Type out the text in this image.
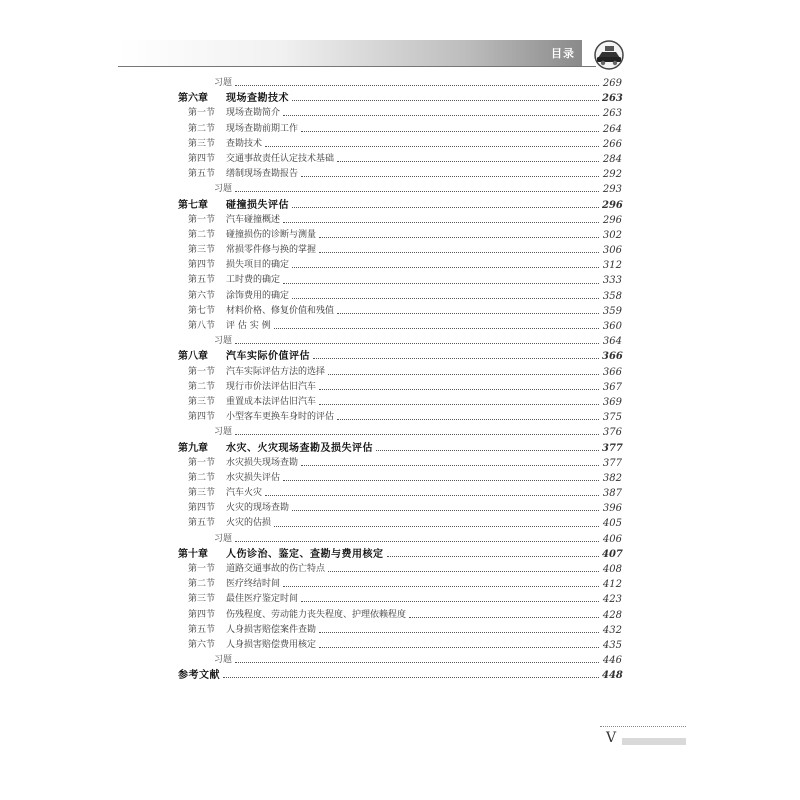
目录
习题	269
第六章	现场查勘技术	263
第一节	现场查勘简介	263
第二节	现场查勘前期工作	264
第三节	查勘技术	266
第四节	交通事故责任认定技术基础	284
第五节	缮制现场查勘报告	292
习题	293
第七章	碰撞损失评估	296
第一节	汽车碰撞概述	296
第二节	碰撞损伤的诊断与测量	302
第三节	常损零件修与换的掌握	306
第四节	损失项目的确定	312
第五节	工时费的确定	333
第六节	涂饰费用的确定	358
第七节	材料价格、修复价值和残值	359
第八节	评 估 实 例	360
习题	364
第八章	汽车实际价值评估	366
第一节	汽车实际评估方法的选择	366
第二节	现行市价法评估旧汽车	367
第三节	重置成本法评估旧汽车	369
第四节	小型客车更换车身时的评估	375
习题	376
第九章	水灾、火灾现场查勘及损失评估	377
第一节	水灾损失现场查勘	377
第二节	水灾损失评估	382
第三节	汽车火灾	387
第四节	火灾的现场查勘	396
第五节	火灾的估损	405
习题	406
第十章	人伤诊治、鉴定、查勘与费用核定	407
第一节	道路交通事故的伤亡特点	408
第二节	医疗终结时间	412
第三节	最佳医疗鉴定时间	423
第四节	伤残程度、劳动能力丧失程度、护理依赖程度	428
第五节	人身损害赔偿案件查勘	432
第六节	人身损害赔偿费用核定	435
习题	446
参考文献	448
V
